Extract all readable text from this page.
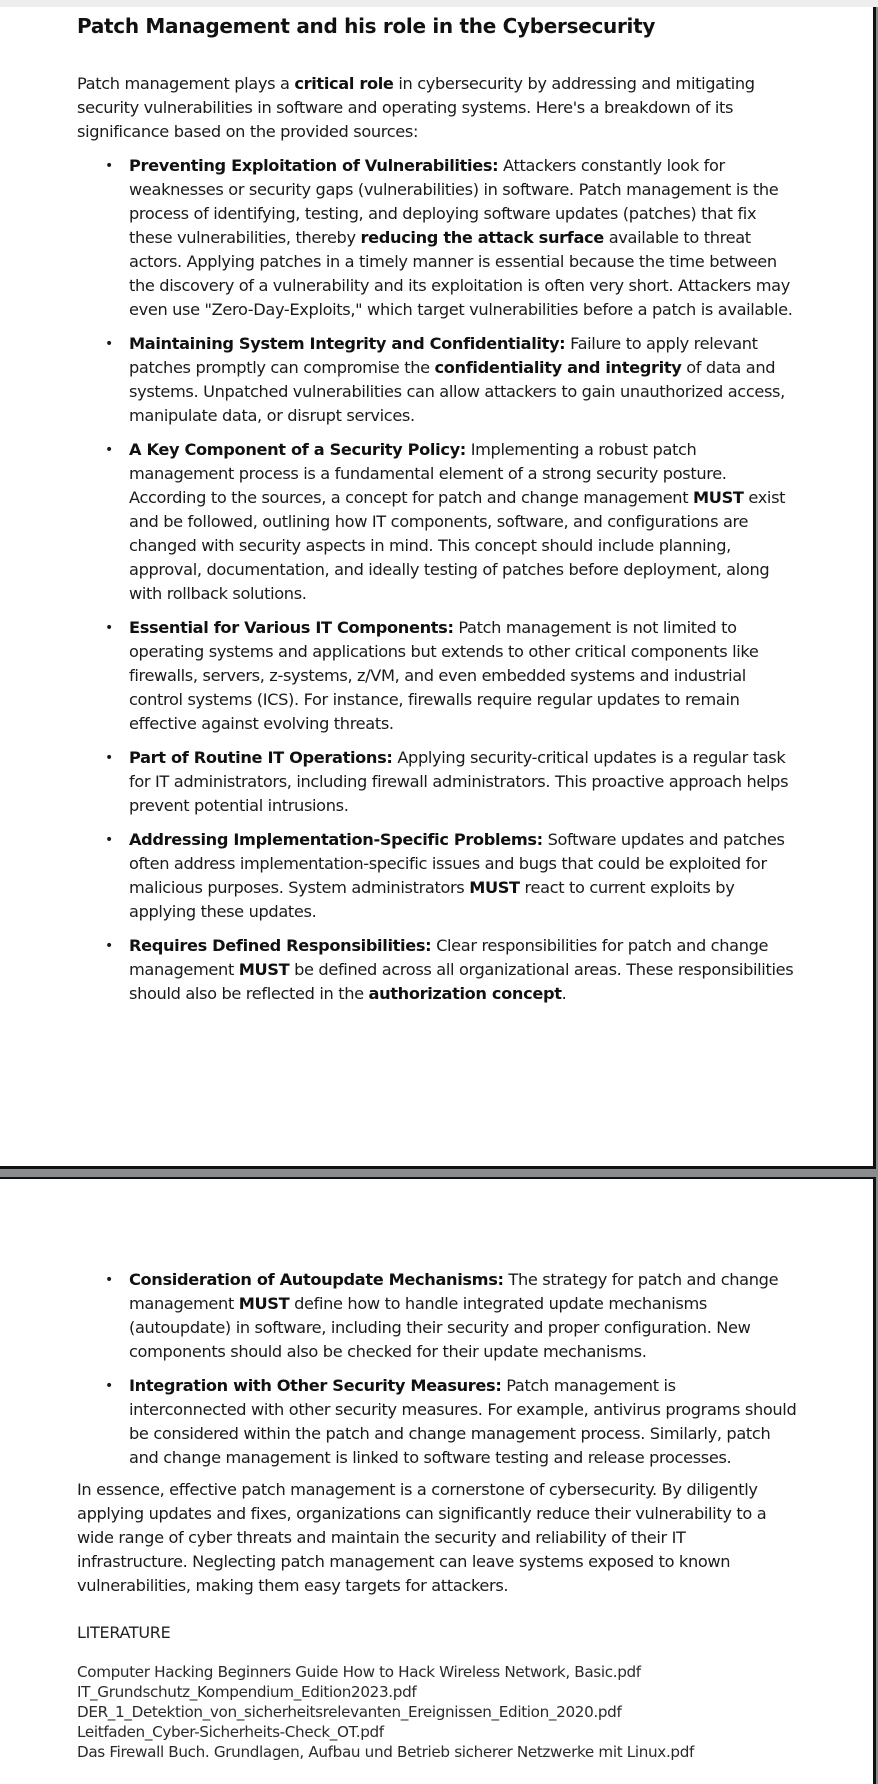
Patch Management and his role in the Cybersecurity

Patch management plays a critical role in cybersecurity by addressing and mitigating security vulnerabilities in software and operating systems. Here's a breakdown of its significance based on the provided sources:

• Preventing Exploitation of Vulnerabilities: Attackers constantly look for weaknesses or security gaps (vulnerabilities) in software. Patch management is the process of identifying, testing, and deploying software updates (patches) that fix these vulnerabilities, thereby reducing the attack surface available to threat actors. Applying patches in a timely manner is essential because the time between the discovery of a vulnerability and its exploitation is often very short. Attackers may even use "Zero-Day-Exploits," which target vulnerabilities before a patch is available.
• Maintaining System Integrity and Confidentiality: Failure to apply relevant patches promptly can compromise the confidentiality and integrity of data and systems. Unpatched vulnerabilities can allow attackers to gain unauthorized access, manipulate data, or disrupt services.
• A Key Component of a Security Policy: Implementing a robust patch management process is a fundamental element of a strong security posture. According to the sources, a concept for patch and change management MUST exist and be followed, outlining how IT components, software, and configurations are changed with security aspects in mind. This concept should include planning, approval, documentation, and ideally testing of patches before deployment, along with rollback solutions.
• Essential for Various IT Components: Patch management is not limited to operating systems and applications but extends to other critical components like firewalls, servers, z-systems, z/VM, and even embedded systems and industrial control systems (ICS). For instance, firewalls require regular updates to remain effective against evolving threats.
• Part of Routine IT Operations: Applying security-critical updates is a regular task for IT administrators, including firewall administrators. This proactive approach helps prevent potential intrusions.
• Addressing Implementation-Specific Problems: Software updates and patches often address implementation-specific issues and bugs that could be exploited for malicious purposes. System administrators MUST react to current exploits by applying these updates.
• Requires Defined Responsibilities: Clear responsibilities for patch and change management MUST be defined across all organizational areas. These responsibilities should also be reflected in the authorization concept.
• Consideration of Autoupdate Mechanisms: The strategy for patch and change management MUST define how to handle integrated update mechanisms (autoupdate) in software, including their security and proper configuration. New components should also be checked for their update mechanisms.
• Integration with Other Security Measures: Patch management is interconnected with other security measures. For example, antivirus programs should be considered within the patch and change management process. Similarly, patch and change management is linked to software testing and release processes.

In essence, effective patch management is a cornerstone of cybersecurity. By diligently applying updates and fixes, organizations can significantly reduce their vulnerability to a wide range of cyber threats and maintain the security and reliability of their IT infrastructure. Neglecting patch management can leave systems exposed to known vulnerabilities, making them easy targets for attackers.

LITERATURE
Computer Hacking Beginners Guide How to Hack Wireless Network, Basic.pdf
IT_Grundschutz_Kompendium_Edition2023.pdf
DER_1_Detektion_von_sicherheitsrelevanten_Ereignissen_Edition_2020.pdf
Leitfaden_Cyber-Sicherheits-Check_OT.pdf
Das Firewall Buch. Grundlagen, Aufbau und Betrieb sicherer Netzwerke mit Linux.pdf
